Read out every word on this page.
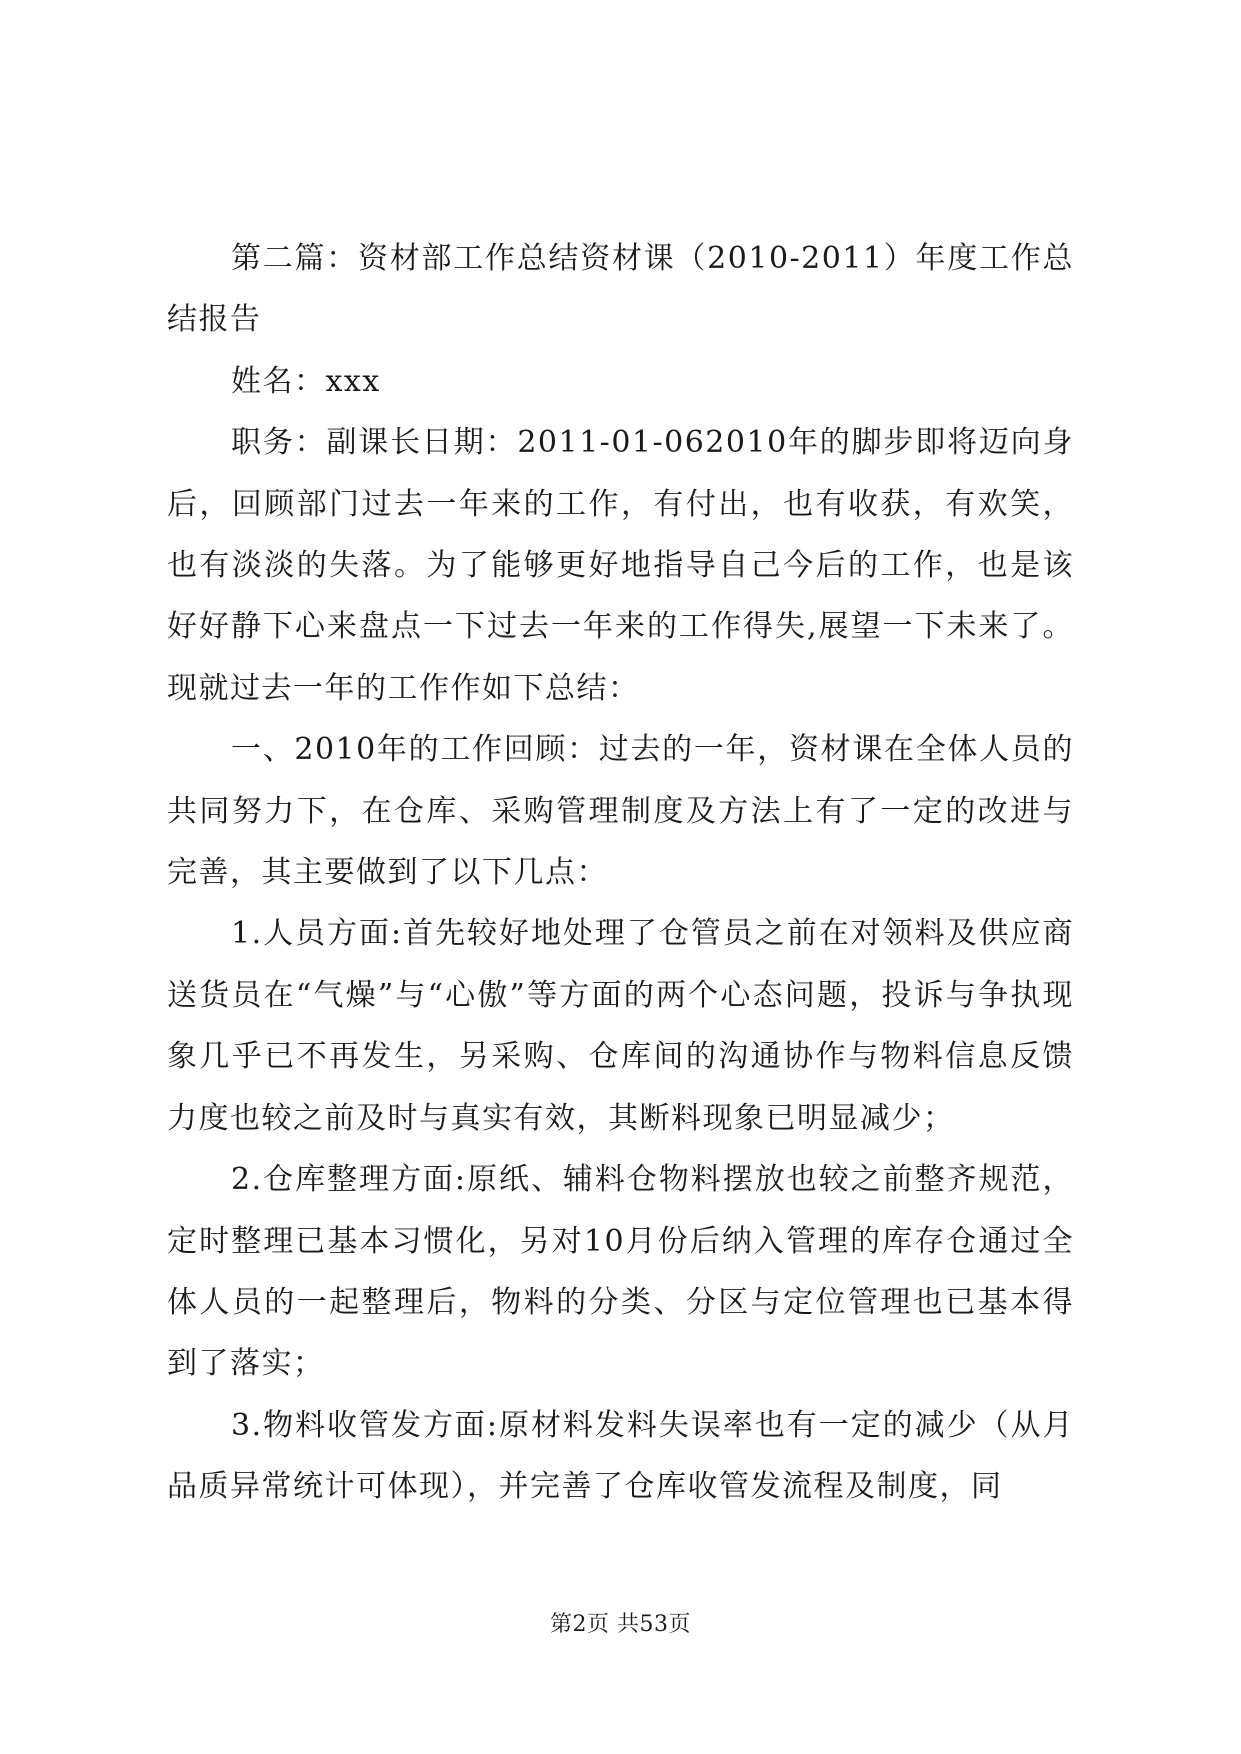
第二篇：资材部工作总结资材课（2010-2011）年度工作总结报告

姓名：xxx

职务：副课长日期：2011-01-062010年的脚步即将迈向身后，回顾部门过去一年来的工作，有付出，也有收获，有欢笑，也有淡淡的失落。为了能够更好地指导自己今后的工作，也是该好好静下心来盘点一下过去一年来的工作得失,展望一下未来了。现就过去一年的工作作如下总结：

一、2010年的工作回顾：过去的一年，资材课在全体人员的共同努力下，在仓库、采购管理制度及方法上有了一定的改进与完善，其主要做到了以下几点：

1.人员方面:首先较好地处理了仓管员之前在对领料及供应商送货员在“气燥”与“心傲”等方面的两个心态问题，投诉与争执现象几乎已不再发生，另采购、仓库间的沟通协作与物料信息反馈力度也较之前及时与真实有效，其断料现象已明显减少；

2.仓库整理方面:原纸、辅料仓物料摆放也较之前整齐规范，定时整理已基本习惯化，另对10月份后纳入管理的库存仓通过全体人员的一起整理后，物料的分类、分区与定位管理也已基本得到了落实；

3.物料收管发方面:原材料发料失误率也有一定的减少（从月品质异常统计可体现），并完善了仓库收管发流程及制度，同

第2页 共53页
